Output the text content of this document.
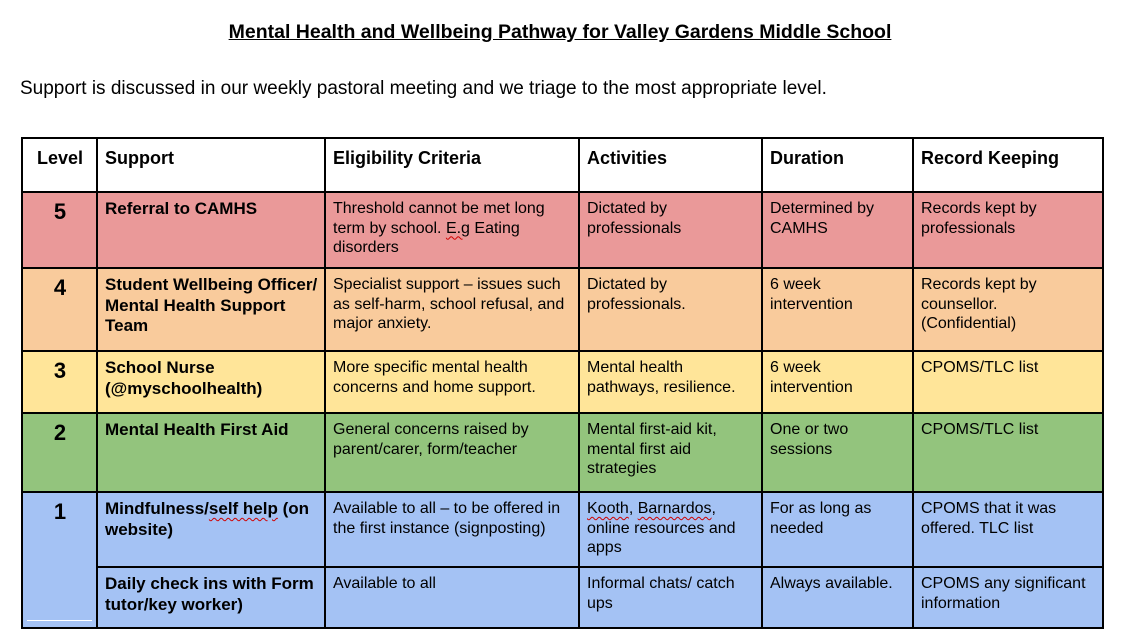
Mental Health and Wellbeing Pathway for Valley Gardens Middle School
Support is discussed in our weekly pastoral meeting and we triage to the most appropriate level.
Level	Support	Eligibility Criteria	Activities	Duration	Record Keeping
5	Referral to CAMHS	Threshold cannot be met long term by school. E.g Eating disorders	Dictated by professionals	Determined by CAMHS	Records kept by professionals
4	Student Wellbeing Officer/ Mental Health Support Team	Specialist support – issues such as self-harm, school refusal, and major anxiety.	Dictated by professionals.	6 week intervention	Records kept by counsellor. (Confidential)
3	School Nurse (@myschoolhealth)	More specific mental health concerns and home support.	Mental health pathways, resilience.	6 week intervention	CPOMS/TLC list
2	Mental Health First Aid	General concerns raised by parent/carer, form/teacher	Mental first-aid kit, mental first aid strategies	One or two sessions	CPOMS/TLC list
1	Mindfulness/self help (on website)	Available to all – to be offered in the first instance (signposting)	Kooth, Barnardos, online resources and apps	For as long as needed	CPOMS that it was offered. TLC list
	Daily check ins with Form tutor/key worker)	Available to all	Informal chats/ catch ups	Always available.	CPOMS any significant information
